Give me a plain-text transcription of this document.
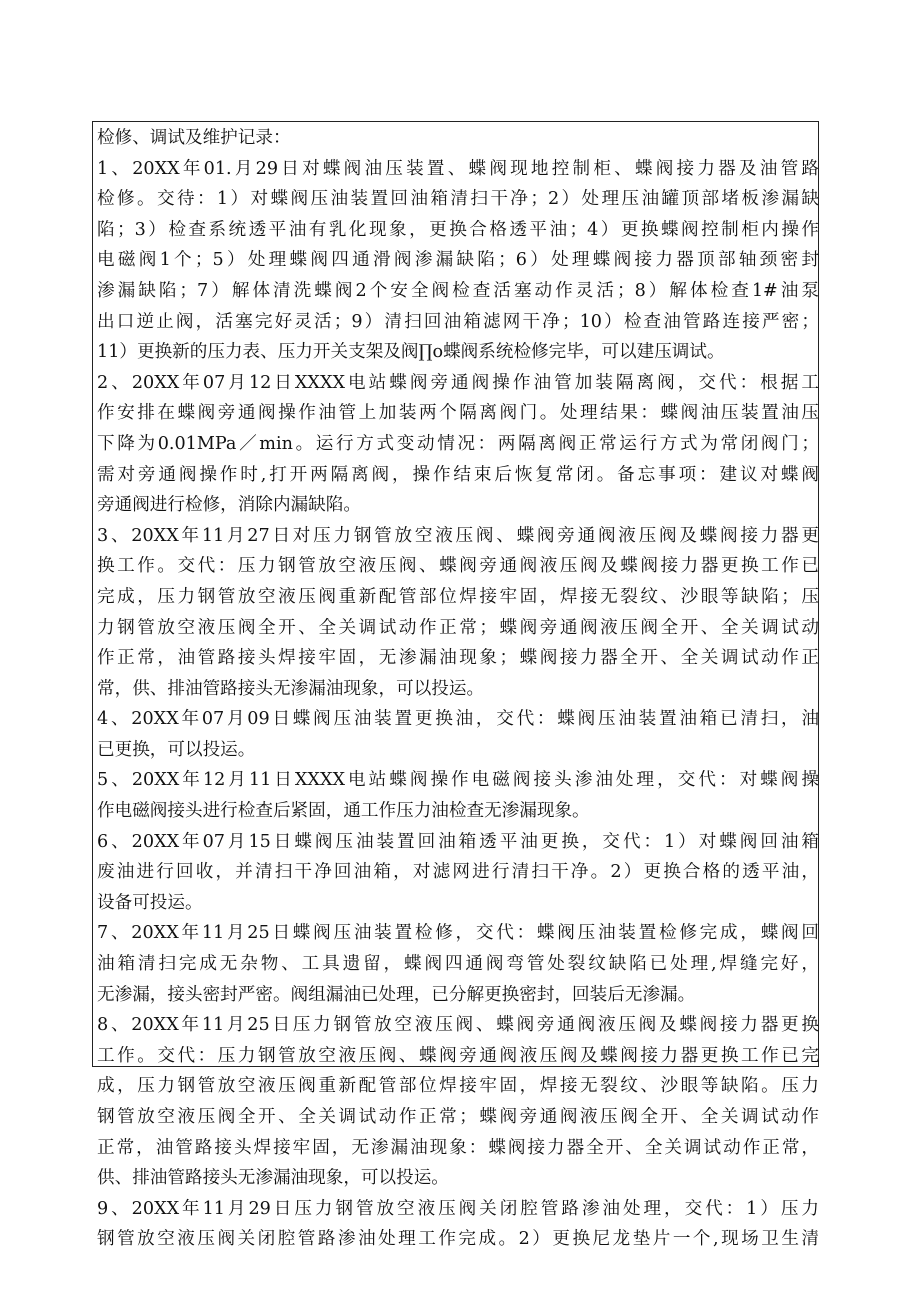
检修、调试及维护记录：
1、20XX年01.月29日对蝶阀油压装置、蝶阀现地控制柜、蝶阀接力器及油管路
检修。交待：1）对蝶阀压油装置回油箱清扫干净；2）处理压油罐顶部堵板渗漏缺
陷；3）检查系统透平油有乳化现象，更换合格透平油；4）更换蝶阀控制柜内操作
电磁阀1个；5）处理蝶阀四通滑阀渗漏缺陷；6）处理蝶阀接力器顶部轴颈密封
渗漏缺陷；7）解体清洗蝶阀2个安全阀检查活塞动作灵活；8）解体检查1#油泵
出口逆止阀，活塞完好灵活；9）清扫回油箱滤网干净；10）检查油管路连接严密；
11）更换新的压力表、压力开关支架及阀∏o蝶阀系统检修完毕，可以建压调试。
2、20XX年07月12日XXXX电站蝶阀旁通阀操作油管加装隔离阀，交代：根据工
作安排在蝶阀旁通阀操作油管上加装两个隔离阀门。处理结果：蝶阀油压装置油压
下降为0.01MPa／min。运行方式变动情况：两隔离阀正常运行方式为常闭阀门；
需对旁通阀操作时,打开两隔离阀，操作结束后恢复常闭。备忘事项：建议对蝶阀
旁通阀进行检修，消除内漏缺陷。
3、20XX年11月27日对压力钢管放空液压阀、蝶阀旁通阀液压阀及蝶阀接力器更
换工作。交代：压力钢管放空液压阀、蝶阀旁通阀液压阀及蝶阀接力器更换工作已
完成，压力钢管放空液压阀重新配管部位焊接牢固，焊接无裂纹、沙眼等缺陷；压
力钢管放空液压阀全开、全关调试动作正常；蝶阀旁通阀液压阀全开、全关调试动
作正常，油管路接头焊接牢固，无渗漏油现象；蝶阀接力器全开、全关调试动作正
常，供、排油管路接头无渗漏油现象，可以投运。
4、20XX年07月09日蝶阀压油装置更换油，交代：蝶阀压油装置油箱已清扫，油
已更换，可以投运。
5、20XX年12月11日XXXX电站蝶阀操作电磁阀接头渗油处理，交代：对蝶阀操
作电磁阀接头进行检查后紧固，通工作压力油检查无渗漏现象。
6、20XX年07月15日蝶阀压油装置回油箱透平油更换，交代：1）对蝶阀回油箱
废油进行回收，并清扫干净回油箱，对滤网进行清扫干净。2）更换合格的透平油，
设备可投运。
7、20XX年11月25日蝶阀压油装置检修，交代：蝶阀压油装置检修完成，蝶阀回
油箱清扫完成无杂物、工具遗留，蝶阀四通阀弯管处裂纹缺陷已处理,焊缝完好，
无渗漏，接头密封严密。阀组漏油已处理，已分解更换密封，回装后无渗漏。
8、20XX年11月25日压力钢管放空液压阀、蝶阀旁通阀液压阀及蝶阀接力器更换
工作。交代：压力钢管放空液压阀、蝶阀旁通阀液压阀及蝶阀接力器更换工作已完
成，压力钢管放空液压阀重新配管部位焊接牢固，焊接无裂纹、沙眼等缺陷。压力
钢管放空液压阀全开、全关调试动作正常；蝶阀旁通阀液压阀全开、全关调试动作
正常，油管路接头焊接牢固，无渗漏油现象：蝶阀接力器全开、全关调试动作正常，
供、排油管路接头无渗漏油现象，可以投运。
9、20XX年11月29日压力钢管放空液压阀关闭腔管路渗油处理，交代：1）压力
钢管放空液压阀关闭腔管路渗油处理工作完成。2）更换尼龙垫片一个,现场卫生清
